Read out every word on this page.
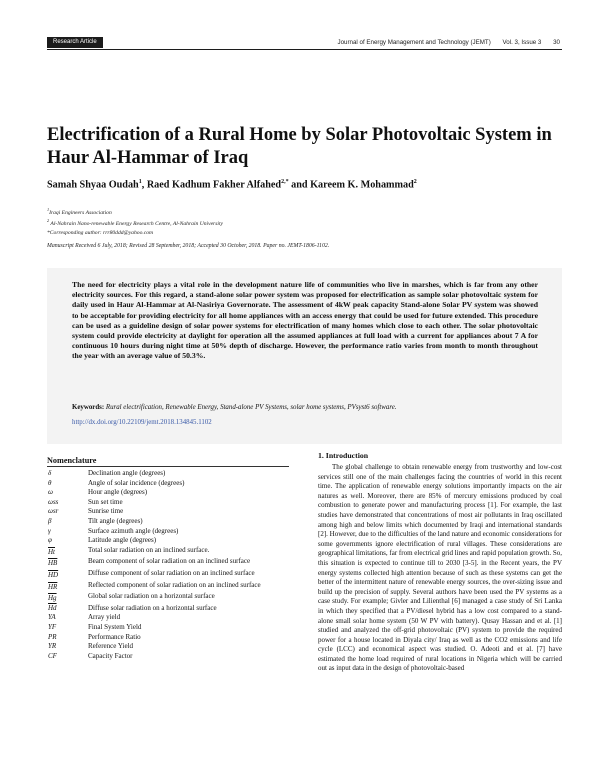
Research Article	Journal of Energy Management and Technology (JEMT) Vol. 3, Issue 3 30
Electrification of a Rural Home by Solar Photovoltaic System in Haur Al-Hammar of Iraq
Samah Shyaa Oudah$^1$, Raed Kadhum Fakher Alfahed$^{2,*}$ and Kareem K. Mohammad$^2$
$^1$Iraqi Engineers Association
$^2$ Al-Nahrain Nano-renewable Energy Research Centre, Al-Nahrain University
*Corresponding author: rrr80ddd@yahoo.com
Manuscript Received 6 July, 2018; Revised 28 September, 2018; Accepted 30 October, 2018. Paper no. JEMT-1806-1102.
The need for electricity plays a vital role in the development nature life of communities who live in marshes, which is far from any other electricity sources. For this regard, a stand-alone solar power system was proposed for electrification as sample solar photovoltaic system for daily used in Haur Al-Hammar at Al-Nasiriya Governorate. The assessment of 4kW peak capacity Stand-alone Solar PV system was showed to be acceptable for providing electricity for all home appliances with an access energy that could be used for future extended. This procedure can be used as a guideline design of solar power systems for electrification of many homes which close to each other. The solar photovoltaic system could provide electricity at daylight for operation all the assumed appliances at full load with a current for appliances about 7 A for continuous 10 hours during night time at 50% depth of discharge. However, the performance ratio varies from month to month throughout the year with an average value of 50.3%.
Keywords: Rural electrification, Renewable Energy, Stand-alone PV Systems, solar home systems, PVsyst6 software.
http://dx.doi.org/10.22109/jemt.2018.134845.1102
Nomenclature
δ	Declination angle (degrees)
θ	Angle of solar incidence (degrees)
ω	Hour angle (degrees)
ωss	Sun set time
ωsr	Sunrise time
β	Tilt angle (degrees)
γ	Surface azimuth angle (degrees)
φ	Latitude angle (degrees)
$\overline{Ht}$	Total solar radiation on an inclined surface.
$\overline{HB}$	Beam component of solar radiation on an inclined surface
$\overline{HD}$	Diffuse component of solar radiation on an inclined surface
$\overline{HR}$	Reflected component of solar radiation on an inclined surface
$\overline{Hg}$	Global solar radiation on a horizontal surface
$\overline{Hd}$	Diffuse solar radiation on a horizontal surface
YA	Array yield
YF	Final System Yield
PR	Performance Ratio
YR	Reference Yield
CF	Capacity Factor
1. Introduction

The global challenge to obtain renewable energy from trustworthy and low-cost services still one of the main challenges facing the countries of world in this recent time. The application of renewable energy solutions importantly impacts on the air natures as well. Moreover, there are 85% of mercury emissions produced by coal combustion to generate power and manufacturing process [1]. For example, the last studies have demonstrated that concentrations of most air pollutants in Iraq oscillated among high and below limits which documented by Iraqi and international standards [2]. However, due to the difficulties of the land nature and economic considerations for some governments ignore electrification of rural villages. These considerations are geographical limitations, far from electrical grid lines and rapid population growth. So, this situation is expected to continue till to 2030 [3-5]. in the Recent years, the PV energy systems collected high attention because of such as these systems can get the better of the intermittent nature of renewable energy sources, the over-sizing issue and build up the precision of supply. Several authors have been used the PV systems as a case study. For example; Givler and Lilienthal [6] managed a case study of Sri Lanka in which they specified that a PV/diesel hybrid has a low cost compared to a stand-alone small solar home system (50 W PV with battery). Qusay Hassan and et al. [1] studied and analyzed the off-grid photovoltaic (PV) system to provide the required power for a house located in Diyala city/ Iraq as well as the CO2 emissions and life cycle (LCC) and economical aspect was studied. O. Adeoti and et al. [7] have estimated the home load required of rural locations in Nigeria which will be carried out as input data in the design of photovoltaic-based
